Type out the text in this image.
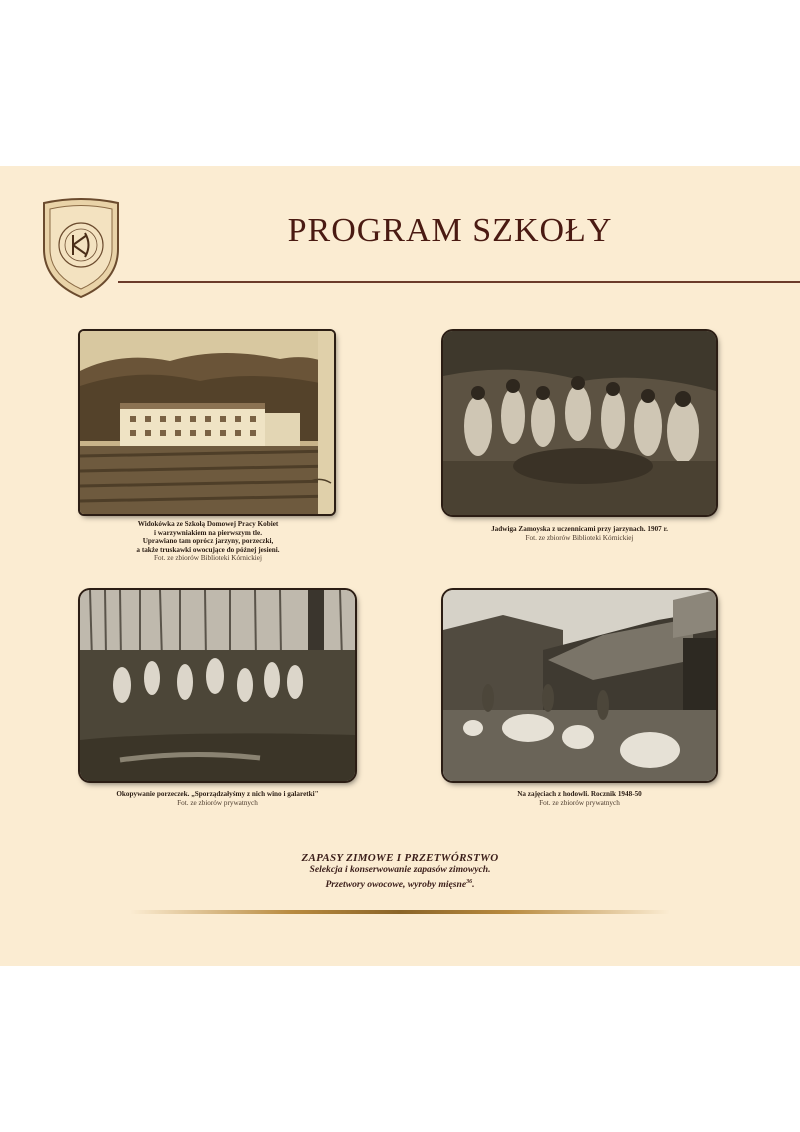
PROGRAM SZKOŁY
Widokówka ze Szkołą Domowej Pracy Kobiet
i warzywniakiem na pierwszym tle.
Uprawiano tam oprócz jarzyny, porzeczki,
a także truskawki owocujące do późnej jesieni.
Fot. ze zbiorów Biblioteki Kórnickiej
Jadwiga Zamoyska z uczennicami przy jarzynach. 1907 r.
Fot. ze zbiorów Biblioteki Kórnickiej
Okopywanie porzeczek. „Sporządzałyśmy z nich wino i galaretki"
Fot. ze zbiorów prywatnych
Na zajęciach z hodowli. Rocznik 1948-50
Fot. ze zbiorów prywatnych
ZAPASY ZIMOWE I PRZETWÓRSTWO
Selekcja i konserwowanie zapasów zimowych.
Przetwory owocowe, wyroby mięsne$^{36}$.
